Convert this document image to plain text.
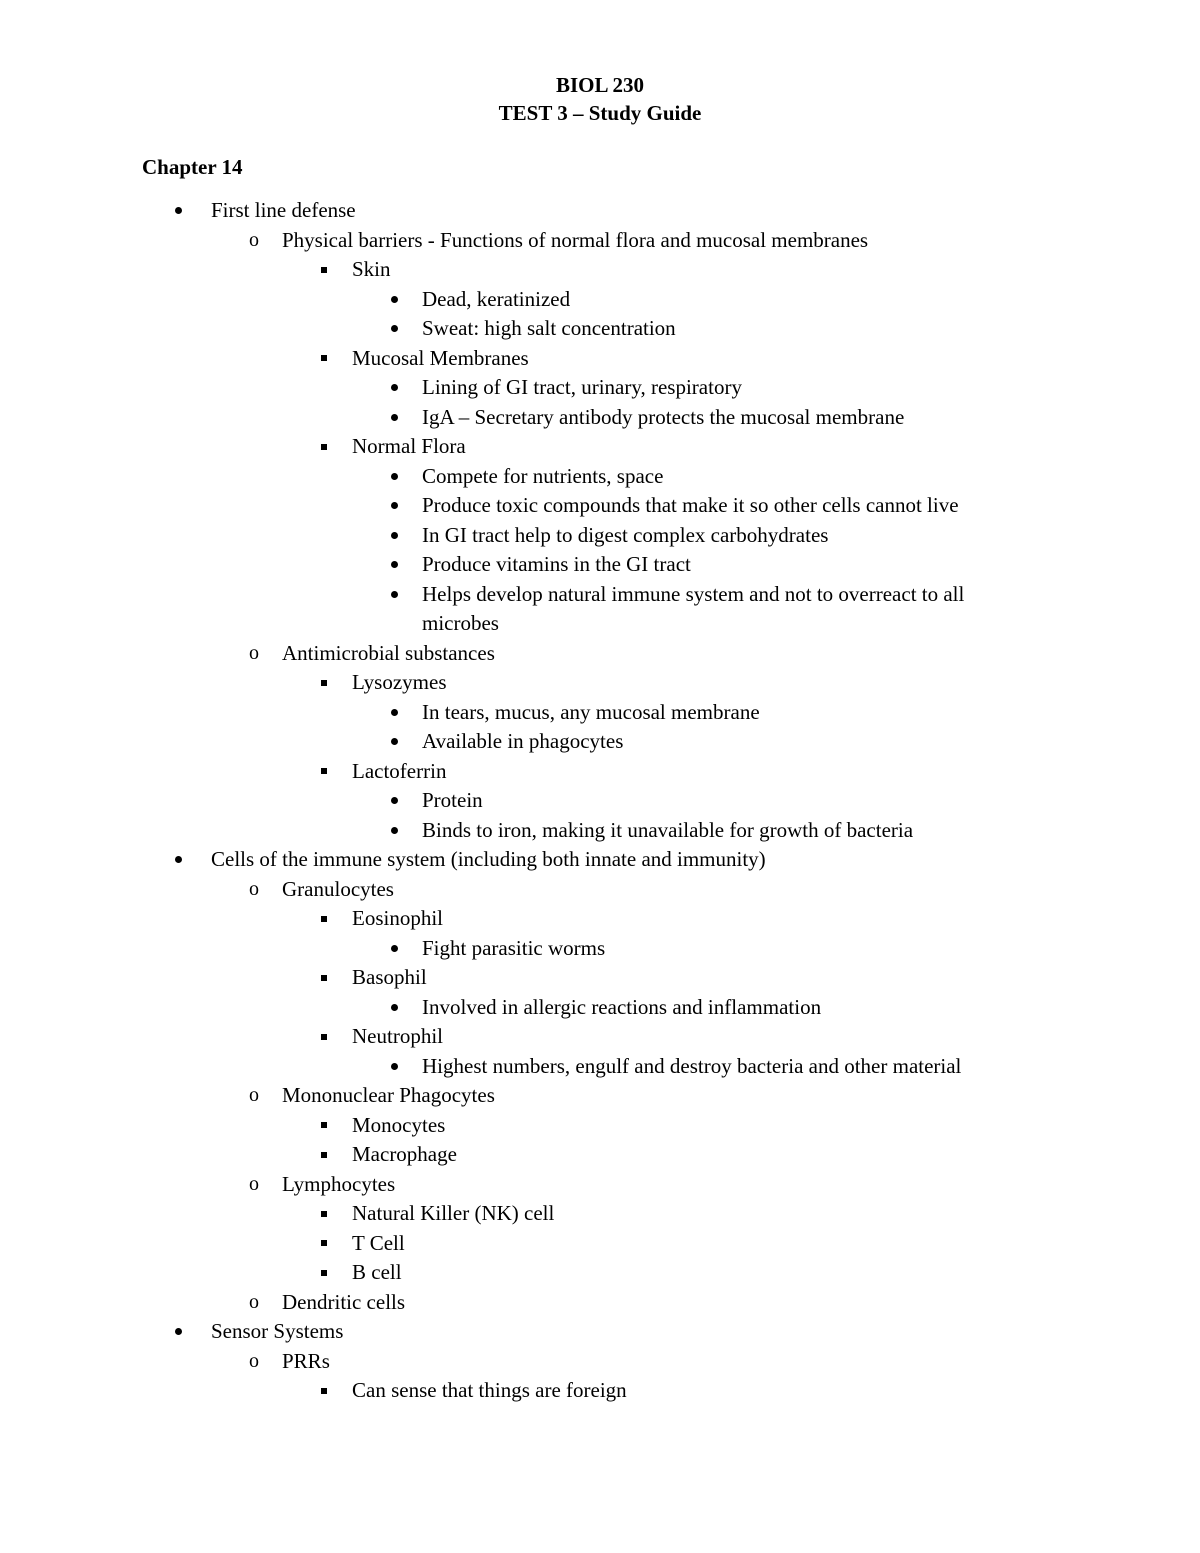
BIOL 230
TEST 3 – Study Guide
Chapter 14
First line defense
o Physical barriers - Functions of normal flora and mucosal membranes
Skin
Dead, keratinized
Sweat: high salt concentration
Mucosal Membranes
Lining of GI tract, urinary, respiratory
IgA – Secretary antibody protects the mucosal membrane
Normal Flora
Compete for nutrients, space
Produce toxic compounds that make it so other cells cannot live
In GI tract help to digest complex carbohydrates
Produce vitamins in the GI tract
Helps develop natural immune system and not to overreact to all microbes
o Antimicrobial substances
Lysozymes
In tears, mucus, any mucosal membrane
Available in phagocytes
Lactoferrin
Protein
Binds to iron, making it unavailable for growth of bacteria
Cells of the immune system (including both innate and immunity)
o Granulocytes
Eosinophil
Fight parasitic worms
Basophil
Involved in allergic reactions and inflammation
Neutrophil
Highest numbers, engulf and destroy bacteria and other material
o Mononuclear Phagocytes
Monocytes
Macrophage
o Lymphocytes
Natural Killer (NK) cell
T Cell
B cell
o Dendritic cells
Sensor Systems
o PRRs
Can sense that things are foreign
